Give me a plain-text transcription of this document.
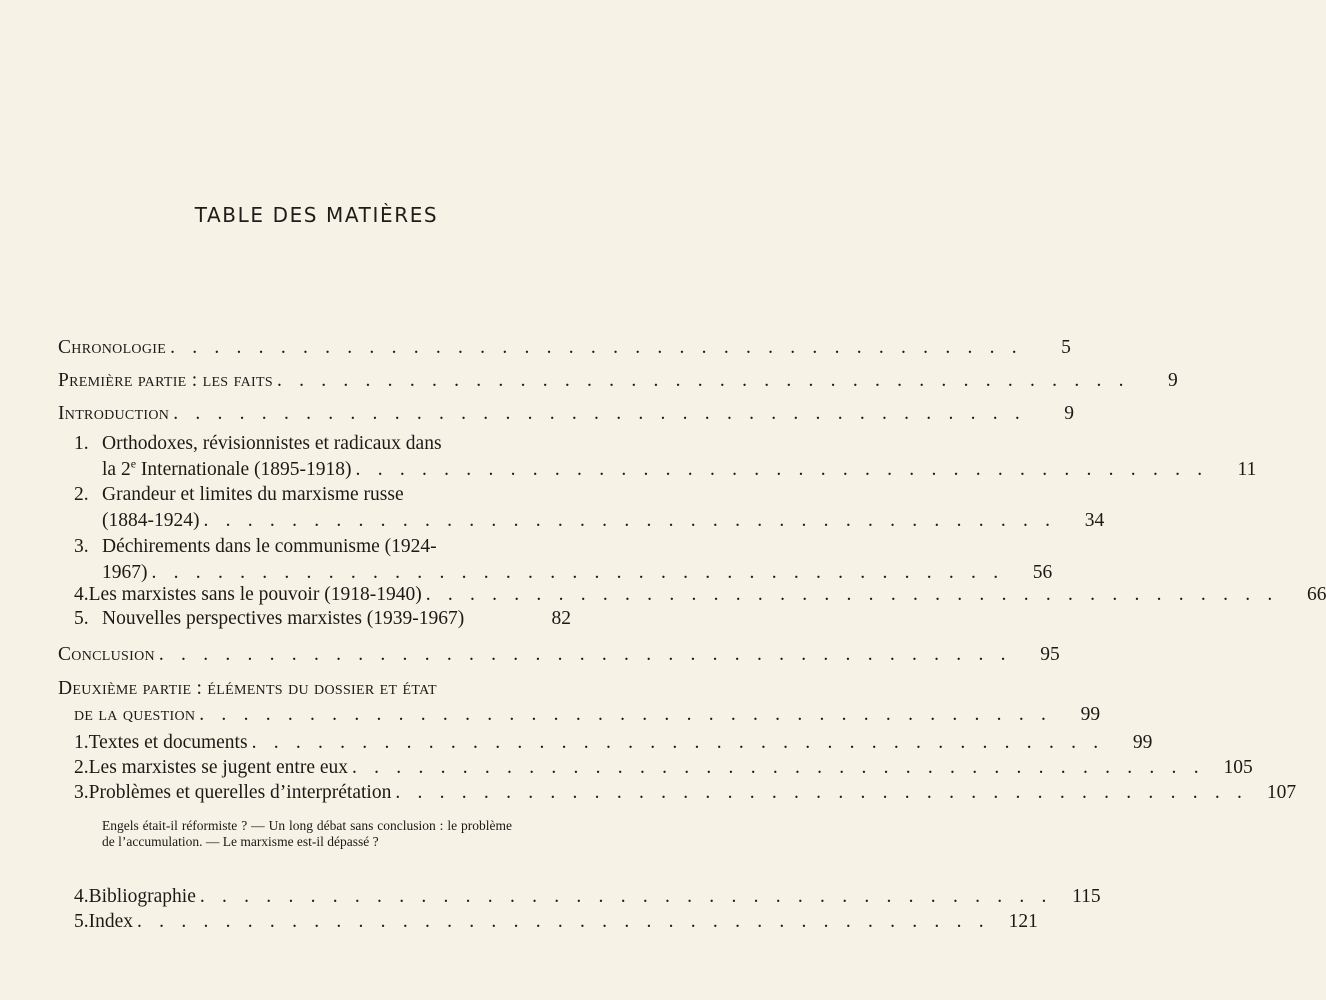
TABLE DES MATIÈRES
Chronologie . . . . . . . . . . . . . . . . . . . . . . . . . . . . . . . . . . . . . . .	5
Première partie : les faits . . . . . . . . . . . . . . . . . . . . . . . . . . . . . . . . . . . . . . .	9
Introduction . . . . . . . . . . . . . . . . . . . . . . . . . . . . . . . . . . . . . . .	9
1. Orthodoxes, révisionnistes et radicaux dans
la 2e Internationale (1895-1918) . . . . . . . . . . . . . . . . . . . . . . . . . . . . . . . . . . . . . . .	11
2. Grandeur et limites du marxisme russe
(1884-1924) . . . . . . . . . . . . . . . . . . . . . . . . . . . . . . . . . . . . . . .	34
3. Déchirements dans le communisme (1924-
1967) . . . . . . . . . . . . . . . . . . . . . . . . . . . . . . . . . . . . . . .	56
4. Les marxistes sans le pouvoir (1918-1940) . . . . . . . . . . . . . . . . . . . . . . . . . . . . . . . . . . . . . . .	66
5. Nouvelles perspectives marxistes (1939-1967)	82
Conclusion . . . . . . . . . . . . . . . . . . . . . . . . . . . . . . . . . . . . . . .	95
Deuxième partie : éléments du dossier et état
de la question . . . . . . . . . . . . . . . . . . . . . . . . . . . . . . . . . . . . . . .	99
1. Textes et documents . . . . . . . . . . . . . . . . . . . . . . . . . . . . . . . . . . . . . . .	99
2. Les marxistes se jugent entre eux . . . . . . . . . . . . . . . . . . . . . . . . . . . . . . . . . . . . . . . 105
3. Problèmes et querelles d’interprétation . . . . . . . . . . . . . . . . . . . . . . . . . . . . . . . . . . . . . . . 107
4. Bibliographie . . . . . . . . . . . . . . . . . . . . . . . . . . . . . . . . . . . . . . . 115
5. Index . . . . . . . . . . . . . . . . . . . . . . . . . . . . . . . . . . . . . . . 121
Engels était-il réformiste ? — Un long débat sans conclusion : le problème de l’accumulation. — Le marxisme est-il dépassé ?
